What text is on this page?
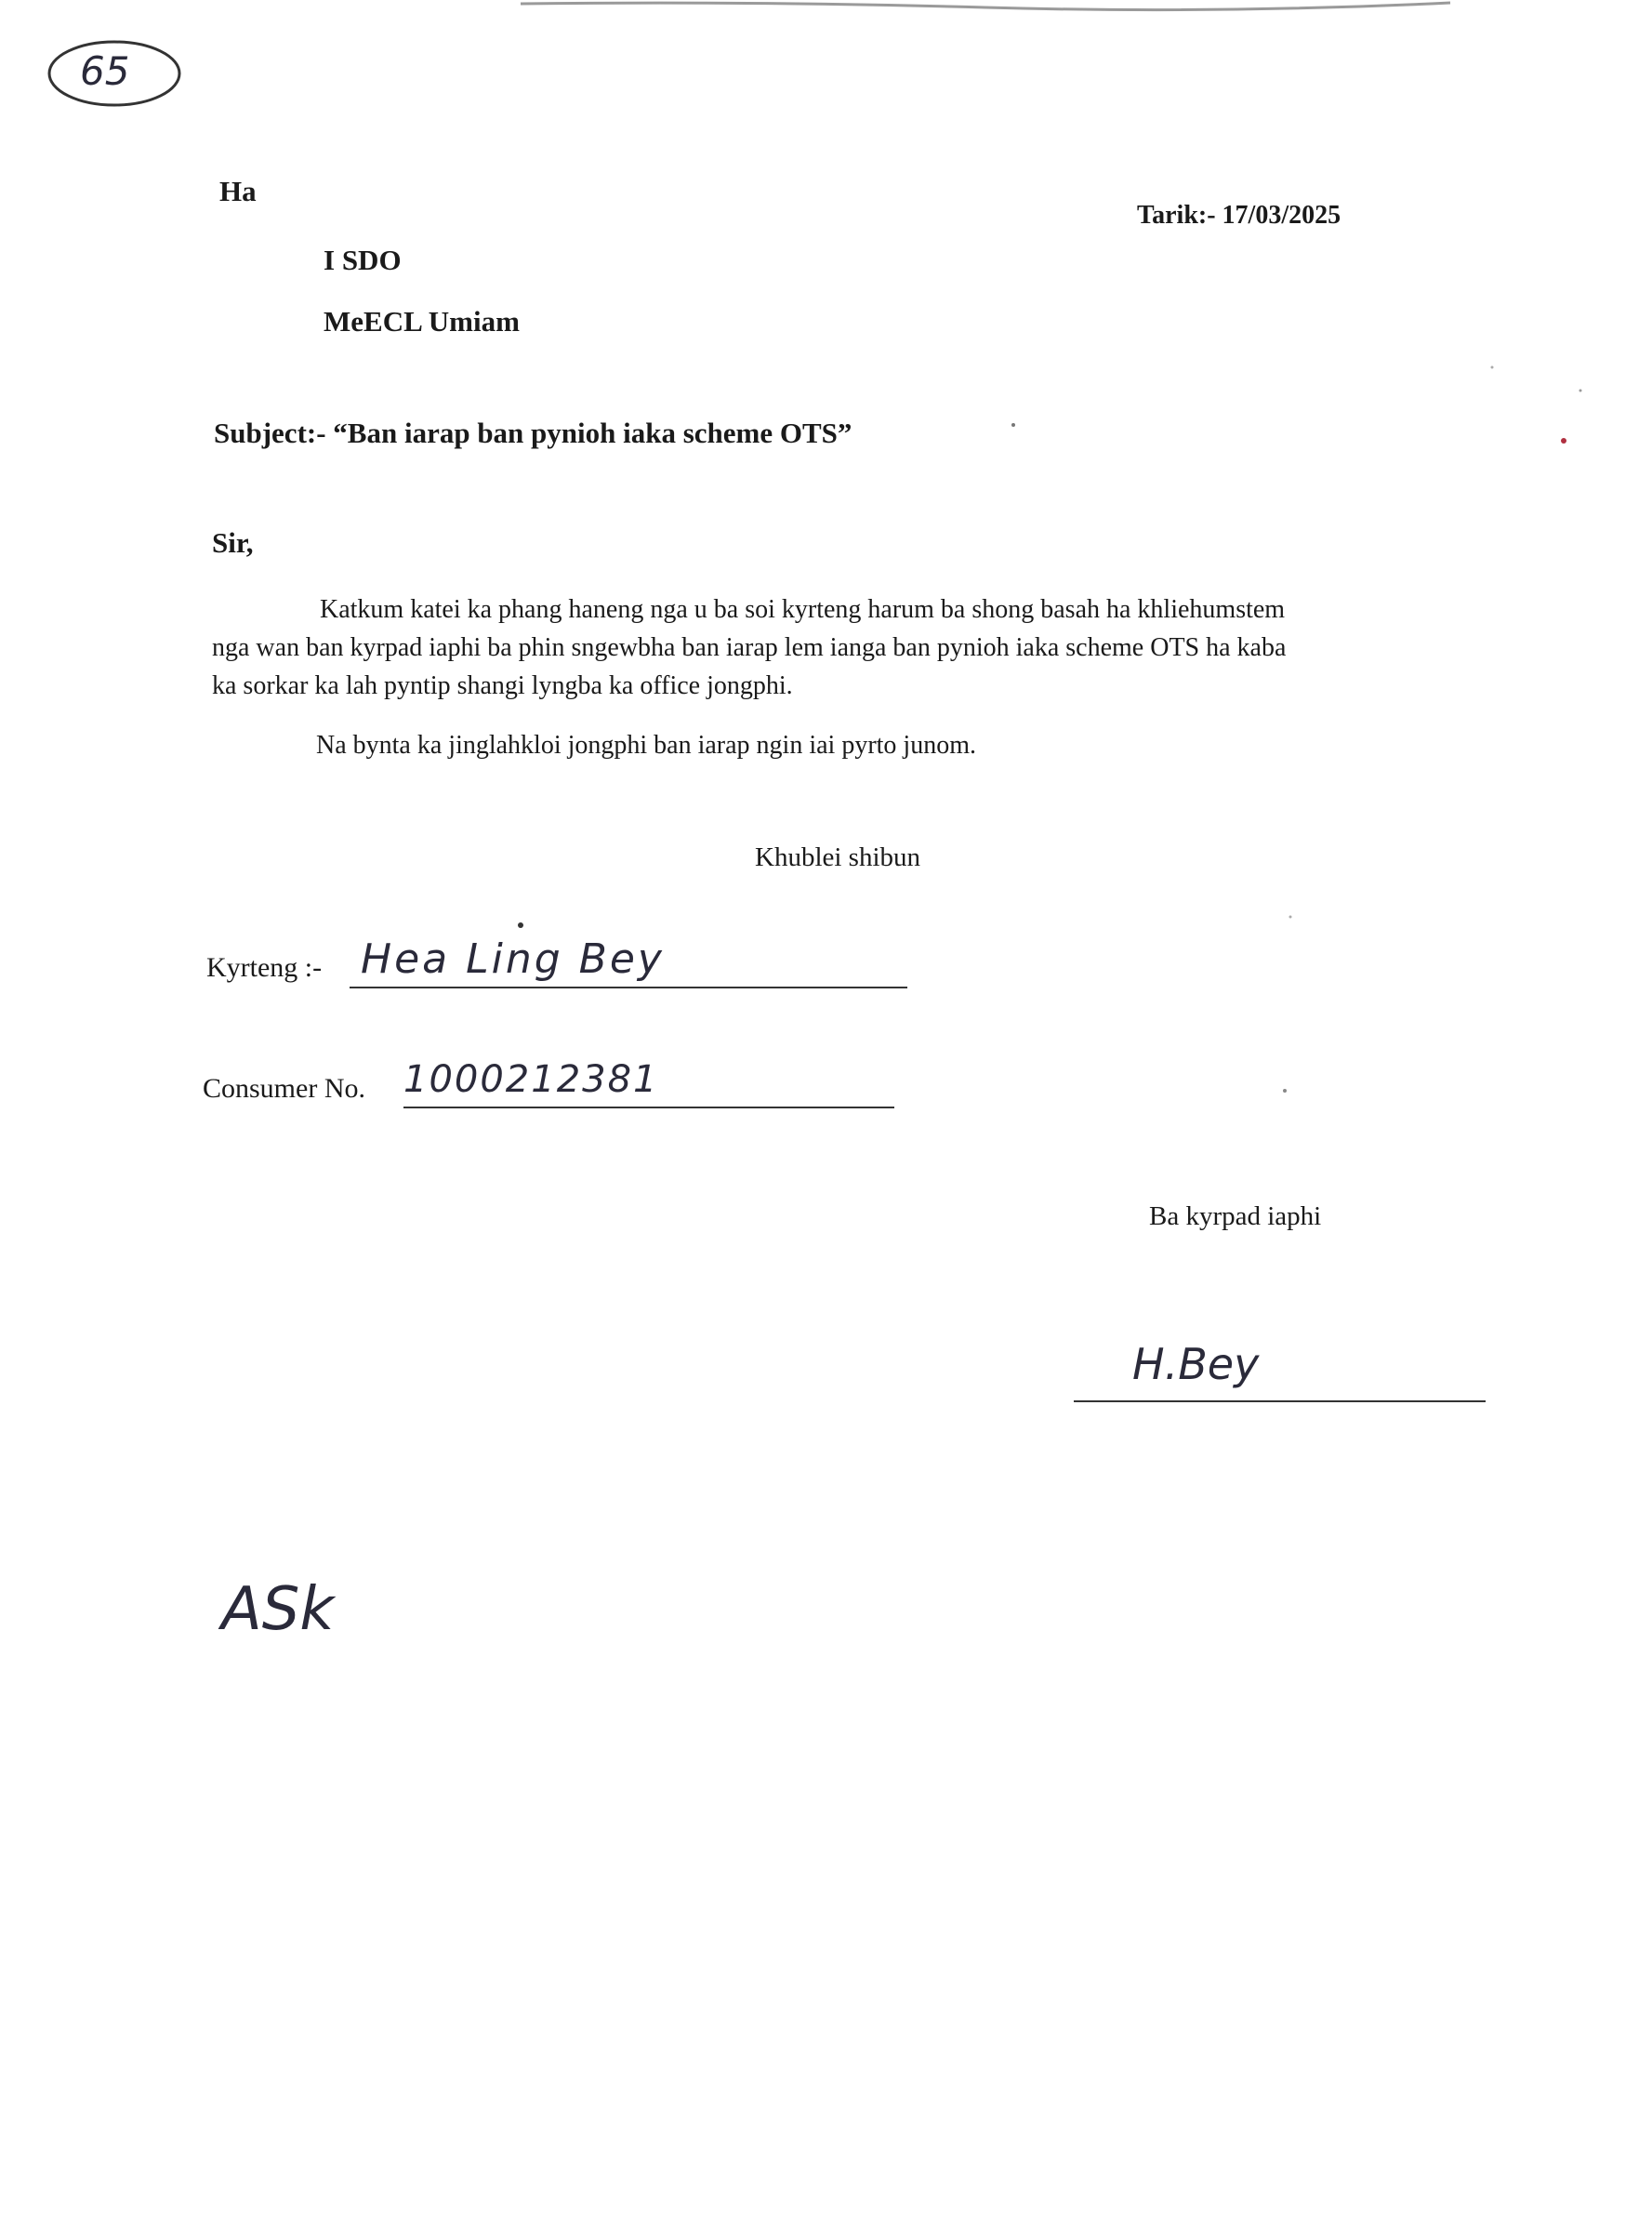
65
Ha
Tarik:- 17/03/2025
I SDO
MeECL Umiam
Subject:- “Ban iarap ban pynioh iaka scheme OTS”
Sir,
Katkum katei ka phang haneng nga u ba soi kyrteng harum ba shong basah ha khliehumstem
nga wan ban kyrpad iaphi ba phin sngewbha ban iarap lem ianga ban pynioh iaka scheme OTS ha kaba
ka sorkar ka lah pyntip shangi lyngba ka office jongphi.
Na bynta ka jinglahkloi jongphi ban iarap ngin iai pyrto junom.
Khublei shibun
Kyrteng :- Hea Ling Bey
Consumer No. 1000212381
Ba kyrpad iaphi
H.Bey
ASk
